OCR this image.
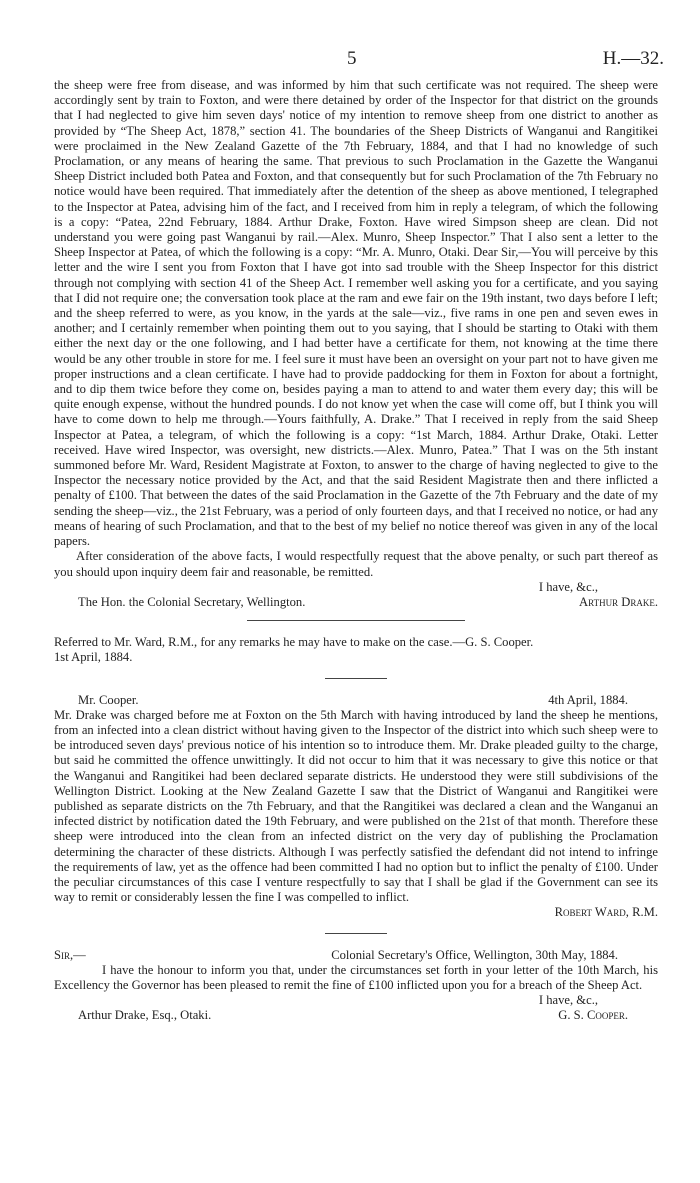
5	H.—32.

the sheep were free from disease, and was informed by him that such certificate was not required. The sheep were accordingly sent by train to Foxton, and were there detained by order of the Inspector for that district on the grounds that I had neglected to give him seven days' notice of my intention to remove sheep from one district to another as provided by “The Sheep Act, 1878,” section 41. The boundaries of the Sheep Districts of Wanganui and Rangitikei were proclaimed in the New Zealand Gazette of the 7th February, 1884, and that I had no knowledge of such Proclamation, or any means of hearing the same. That previous to such Proclamation in the Gazette the Wanganui Sheep District included both Patea and Foxton, and that consequently but for such Proclamation of the 7th February no notice would have been required. That immediately after the detention of the sheep as above mentioned, I telegraphed to the Inspector at Patea, advising him of the fact, and I received from him in reply a telegram, of which the following is a copy: “Patea, 22nd February, 1884. Arthur Drake, Foxton. Have wired Simpson sheep are clean. Did not understand you were going past Wanganui by rail.—Alex. Munro, Sheep Inspector.” That I also sent a letter to the Sheep Inspector at Patea, of which the following is a copy: “Mr. A. Munro, Otaki. Dear Sir,—You will perceive by this letter and the wire I sent you from Foxton that I have got into sad trouble with the Sheep Inspector for this district through not complying with section 41 of the Sheep Act. I remember well asking you for a certificate, and you saying that I did not require one; the conversation took place at the ram and ewe fair on the 19th instant, two days before I left; and the sheep referred to were, as you know, in the yards at the sale—viz., five rams in one pen and seven ewes in another; and I certainly remember when pointing them out to you saying, that I should be starting to Otaki with them either the next day or the one following, and I had better have a certificate for them, not knowing at the time there would be any other trouble in store for me. I feel sure it must have been an oversight on your part not to have given me proper instructions and a clean certificate. I have had to provide paddocking for them in Foxton for about a fortnight, and to dip them twice before they come on, besides paying a man to attend to and water them every day; this will be quite enough expense, without the hundred pounds. I do not know yet when the case will come off, but I think you will have to come down to help me through.—Yours faithfully, A. Drake.” That I received in reply from the said Sheep Inspector at Patea, a telegram, of which the following is a copy: “1st March, 1884. Arthur Drake, Otaki. Letter received. Have wired Inspector, was oversight, new districts.—Alex. Munro, Patea.” That I was on the 5th instant summoned before Mr. Ward, Resident Magistrate at Foxton, to answer to the charge of having neglected to give to the Inspector the necessary notice provided by the Act, and that the said Resident Magistrate then and there inflicted a penalty of £100. That between the dates of the said Proclamation in the Gazette of the 7th February and the date of my sending the sheep—viz., the 21st February, was a period of only fourteen days, and that I received no notice, or had any means of hearing of such Proclamation, and that to the best of my belief no notice thereof was given in any of the local papers.

After consideration of the above facts, I would respectfully request that the above penalty, or such part thereof as you should upon inquiry deem fair and reasonable, be remitted.

I have, &c.,

The Hon. the Colonial Secretary, Wellington.	Arthur Drake.

Referred to Mr. Ward, R.M., for any remarks he may have to make on the case.—G. S. Cooper.

1st April, 1884.

Mr. Cooper.	4th April, 1884.

Mr. Drake was charged before me at Foxton on the 5th March with having introduced by land the sheep he mentions, from an infected into a clean district without having given to the Inspector of the district into which such sheep were to be introduced seven days' previous notice of his intention so to introduce them. Mr. Drake pleaded guilty to the charge, but said he committed the offence unwittingly. It did not occur to him that it was necessary to give this notice or that the Wanganui and Rangitikei had been declared separate districts. He understood they were still subdivisions of the Wellington District. Looking at the New Zealand Gazette I saw that the District of Wanganui and Rangitikei were published as separate districts on the 7th February, and that the Rangitikei was declared a clean and the Wanganui an infected district by notification dated the 19th February, and were published on the 21st of that month. Therefore these sheep were introduced into the clean from an infected district on the very day of publishing the Proclamation determining the character of these districts. Although I was perfectly satisfied the defendant did not intend to infringe the requirements of law, yet as the offence had been committed I had no option but to inflict the penalty of £100. Under the peculiar circumstances of this case I venture respectfully to say that I shall be glad if the Government can see its way to remit or considerably lessen the fine I was compelled to inflict.

Robert Ward, R.M.

Sir,—	Colonial Secretary's Office, Wellington, 30th May, 1884.

I have the honour to inform you that, under the circumstances set forth in your letter of the 10th March, his Excellency the Governor has been pleased to remit the fine of £100 inflicted upon you for a breach of the Sheep Act.

I have, &c.,

Arthur Drake, Esq., Otaki.	G. S. Cooper.
